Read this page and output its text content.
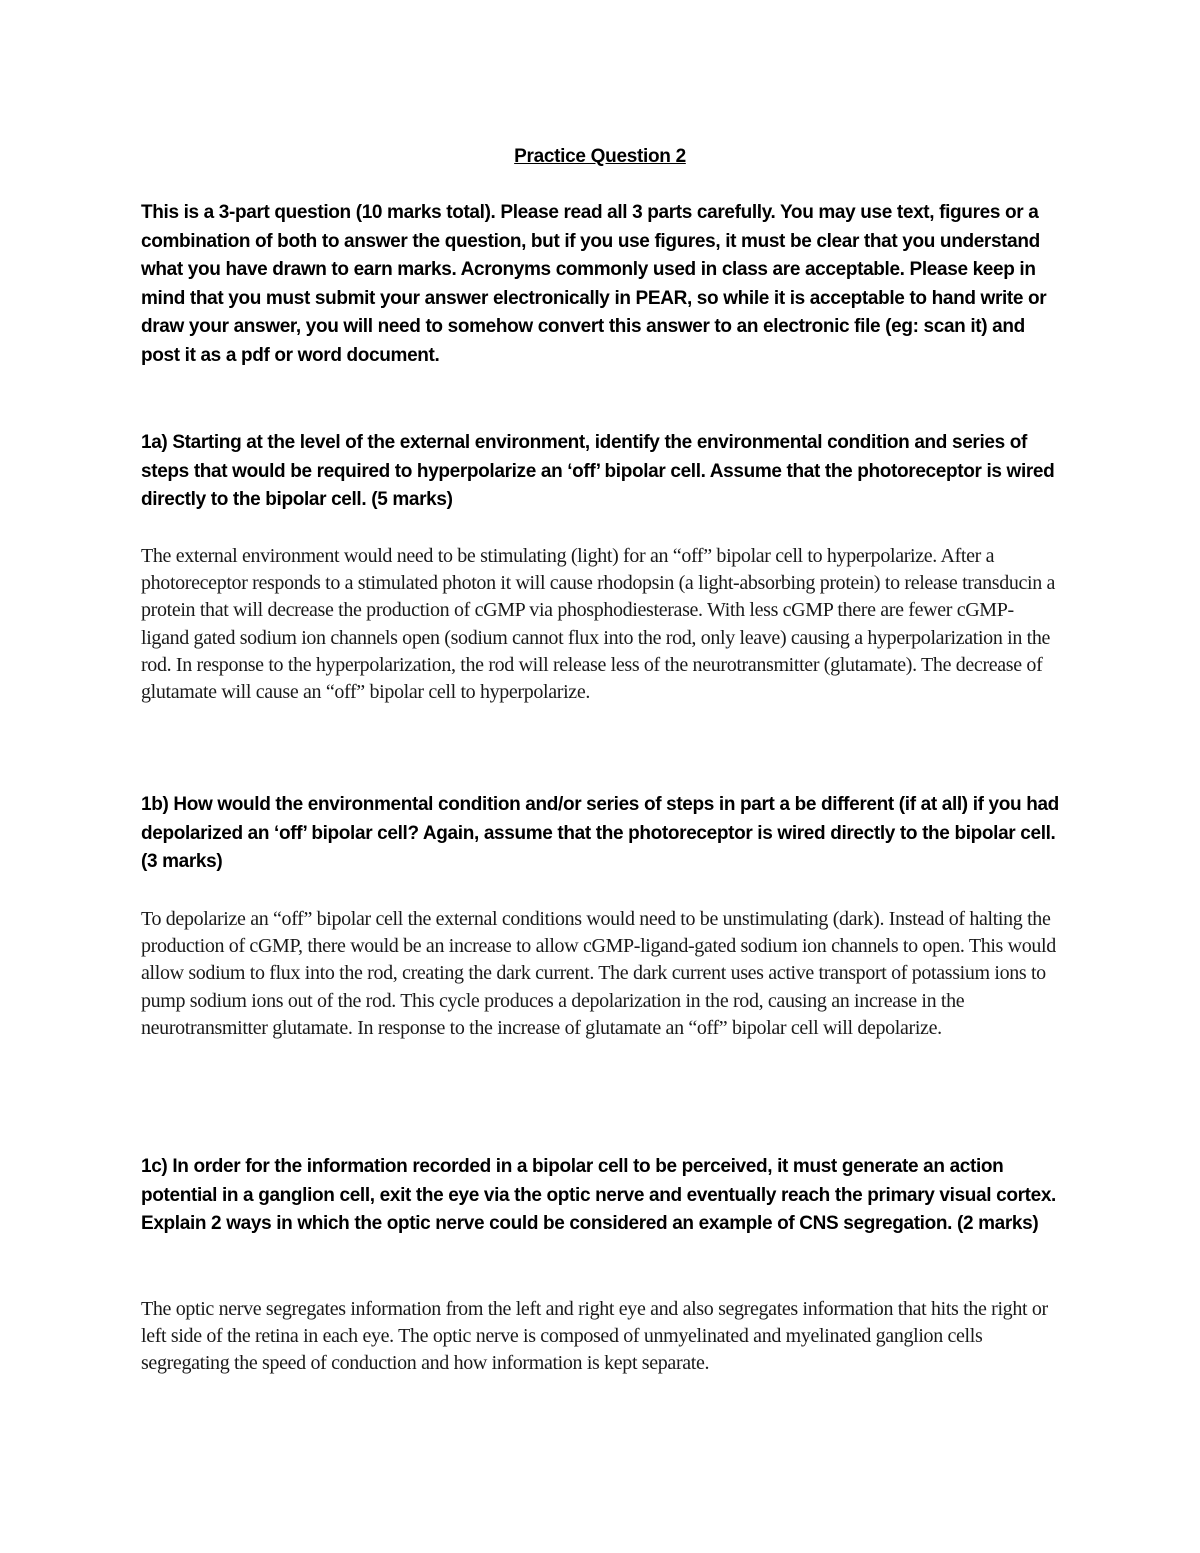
Practice Question 2

This is a 3-part question (10 marks total). Please read all 3 parts carefully. You may use text, figures or a combination of both to answer the question, but if you use figures, it must be clear that you understand what you have drawn to earn marks. Acronyms commonly used in class are acceptable. Please keep in mind that you must submit your answer electronically in PEAR, so while it is acceptable to hand write or draw your answer, you will need to somehow convert this answer to an electronic file (eg: scan it) and post it as a pdf or word document.

1a) Starting at the level of the external environment, identify the environmental condition and series of steps that would be required to hyperpolarize an ‘off’ bipolar cell. Assume that the photoreceptor is wired directly to the bipolar cell. (5 marks)

The external environment would need to be stimulating (light) for an “off” bipolar cell to hyperpolarize. After a photoreceptor responds to a stimulated photon it will cause rhodopsin (a light-absorbing protein) to release transducin a protein that will decrease the production of cGMP via phosphodiesterase. With less cGMP there are fewer cGMP-ligand gated sodium ion channels open (sodium cannot flux into the rod, only leave) causing a hyperpolarization in the rod. In response to the hyperpolarization, the rod will release less of the neurotransmitter (glutamate). The decrease of glutamate will cause an “off” bipolar cell to hyperpolarize.

1b) How would the environmental condition and/or series of steps in part a be different (if at all) if you had depolarized an ‘off’ bipolar cell? Again, assume that the photoreceptor is wired directly to the bipolar cell. (3 marks)

To depolarize an “off” bipolar cell the external conditions would need to be unstimulating (dark). Instead of halting the production of cGMP, there would be an increase to allow cGMP-ligand-gated sodium ion channels to open. This would allow sodium to flux into the rod, creating the dark current. The dark current uses active transport of potassium ions to pump sodium ions out of the rod. This cycle produces a depolarization in the rod, causing an increase in the neurotransmitter glutamate. In response to the increase of glutamate an “off” bipolar cell will depolarize.

1c) In order for the information recorded in a bipolar cell to be perceived, it must generate an action potential in a ganglion cell, exit the eye via the optic nerve and eventually reach the primary visual cortex. Explain 2 ways in which the optic nerve could be considered an example of CNS segregation. (2 marks)

The optic nerve segregates information from the left and right eye and also segregates information that hits the right or left side of the retina in each eye. The optic nerve is composed of unmyelinated and myelinated ganglion cells segregating the speed of conduction and how information is kept separate.
